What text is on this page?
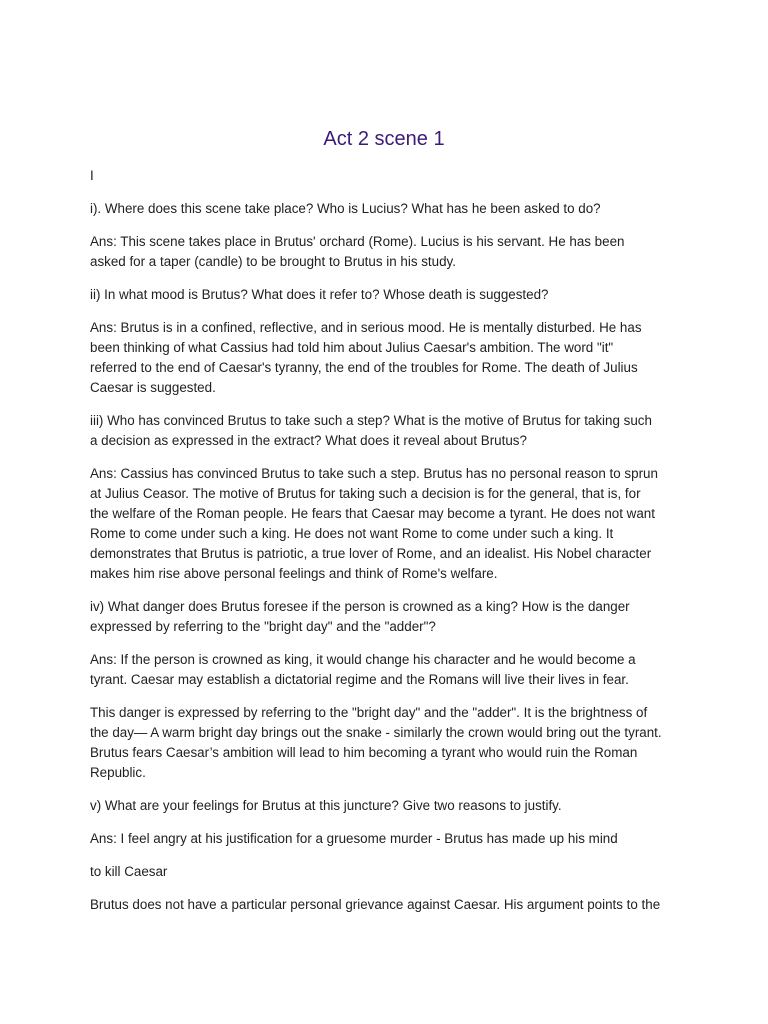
Act 2 scene 1

I

i). Where does this scene take place? Who is Lucius? What has he been asked to do?

Ans: This scene takes place in Brutus' orchard (Rome). Lucius is his servant. He has been
asked for a taper (candle) to be brought to Brutus in his study.

ii) In what mood is Brutus? What does it refer to? Whose death is suggested?

Ans: Brutus is in a confined, reflective, and in serious mood. He is mentally disturbed. He has
been thinking of what Cassius had told him about Julius Caesar's ambition. The word "it"
referred to the end of Caesar's tyranny, the end of the troubles for Rome. The death of Julius
Caesar is suggested.

iii) Who has convinced Brutus to take such a step? What is the motive of Brutus for taking such
a decision as expressed in the extract? What does it reveal about Brutus?

Ans: Cassius has convinced Brutus to take such a step. Brutus has no personal reason to sprun
at Julius Ceasor. The motive of Brutus for taking such a decision is for the general, that is, for
the welfare of the Roman people. He fears that Caesar may become a tyrant. He does not want
Rome to come under such a king. He does not want Rome to come under such a king. It
demonstrates that Brutus is patriotic, a true lover of Rome, and an idealist. His Nobel character
makes him rise above personal feelings and think of Rome's welfare.

iv) What danger does Brutus foresee if the person is crowned as a king? How is the danger
expressed by referring to the "bright day" and the "adder"?

Ans: If the person is crowned as king, it would change his character and he would become a
tyrant. Caesar may establish a dictatorial regime and the Romans will live their lives in fear.

This danger is expressed by referring to the "bright day" and the "adder". It is the brightness of
the day— A warm bright day brings out the snake - similarly the crown would bring out the tyrant.
Brutus fears Caesar’s ambition will lead to him becoming a tyrant who would ruin the Roman
Republic.

v) What are your feelings for Brutus at this juncture? Give two reasons to justify.

Ans: I feel angry at his justification for a gruesome murder - Brutus has made up his mind

to kill Caesar

Brutus does not have a particular personal grievance against Caesar. His argument points to the
